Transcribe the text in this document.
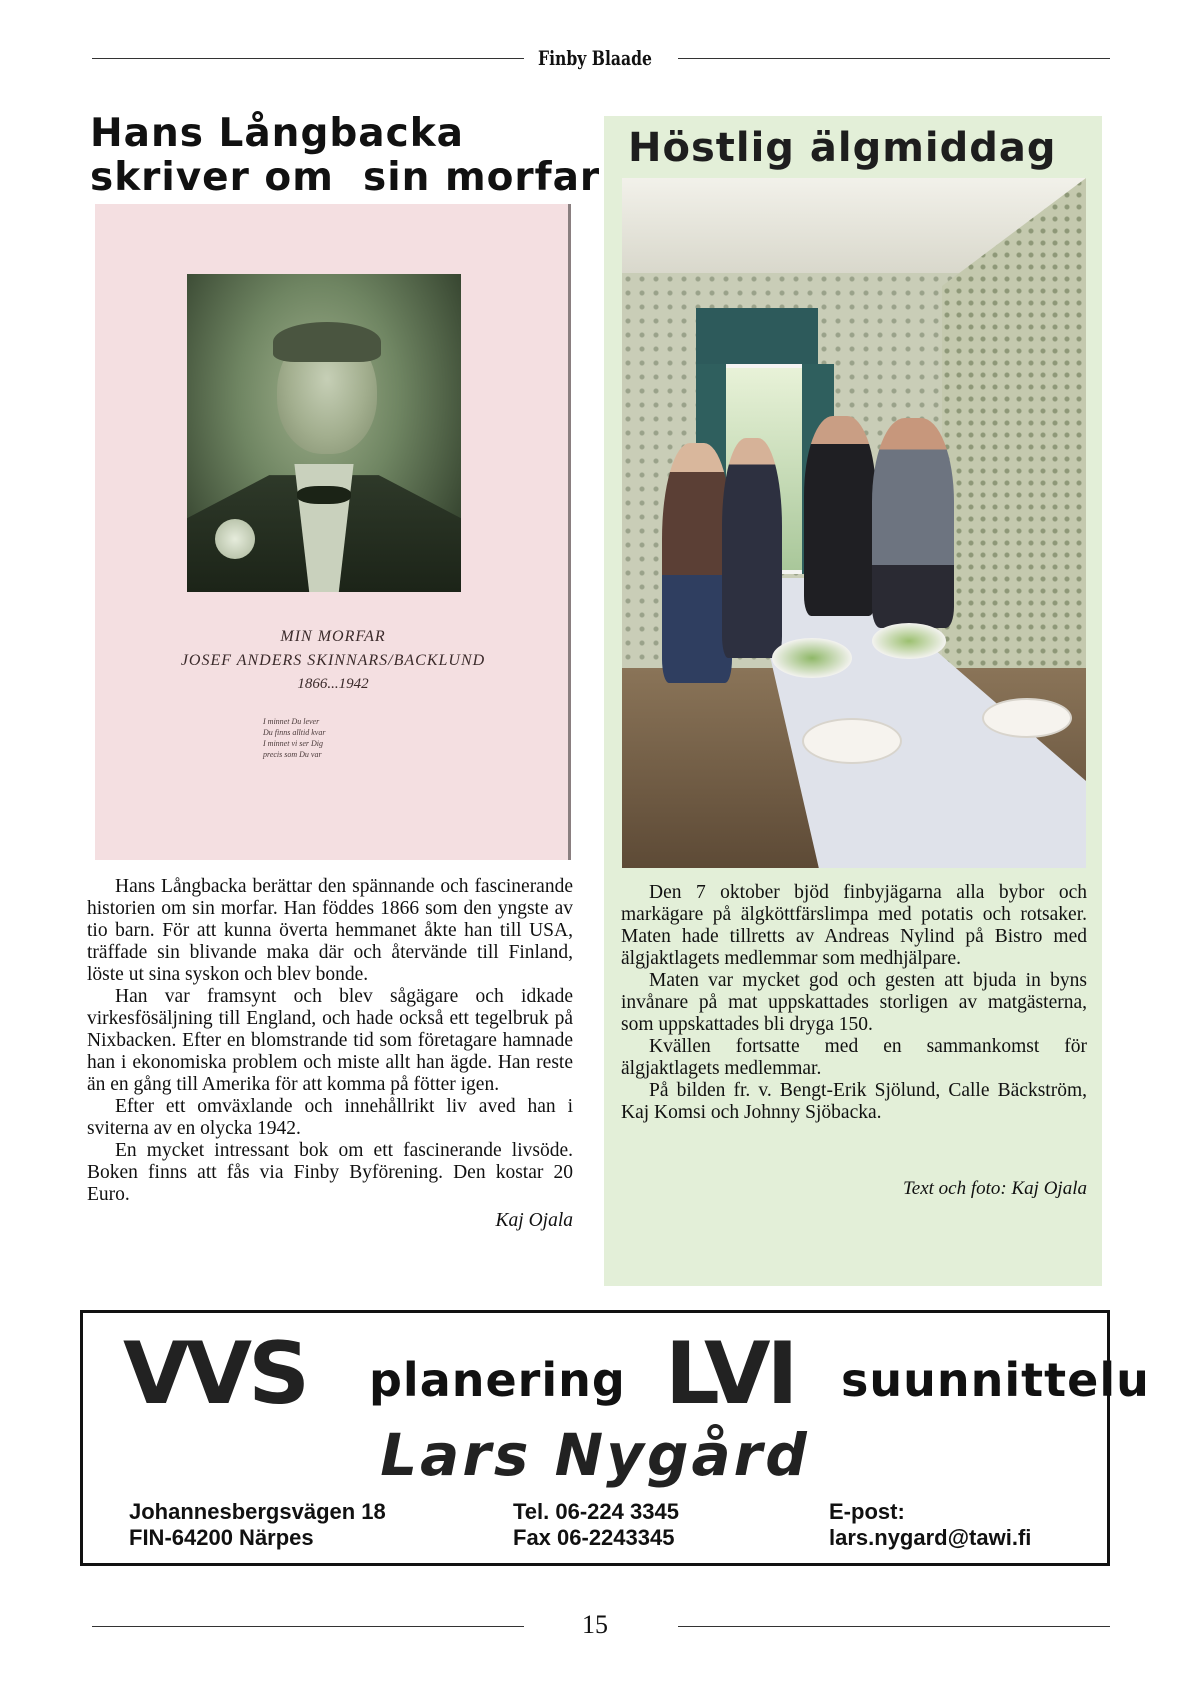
Finby Blaade
Hans Långbacka
skriver om  sin morfar
MIN MORFAR
JOSEF ANDERS SKINNARS/BACKLUND
1866...1942
I minnet Du lever
Du finns alltid kvar
I minnet vi ser Dig
precis som Du var

Hans Långbacka berättar den spännande och fascinerande historien om sin morfar. Han föddes 1866 som den yngste av tio barn. För att kunna överta hemmanet åkte han till USA, träffade sin blivande maka där och återvände till Finland, löste ut sina syskon och blev bonde.

Han var framsynt och blev sågägare och idkade virkesfösäljning till England, och hade också ett tegelbruk på Nixbacken. Efter en blomstrande tid som företagare hamnade han i ekonomiska problem och miste allt han ägde. Han reste än en gång till Amerika för att komma på fötter igen.

Efter ett omväxlande och innehållrikt liv aved han i sviterna av en olycka 1942.

En mycket intressant bok om ett fascinerande livsöde. Boken finns att fås via Finby Byförening. Den kostar 20 Euro.

Kaj Ojala
Höstlig älgmiddag

Den 7 oktober bjöd finbyjägarna alla bybor och markägare på älgköttfärslimpa med potatis och rotsaker. Maten hade tillretts av Andreas Nylind på Bistro med älgjaktlagets medlemmar som medhjälpare.

Maten var mycket god och gesten att bjuda in byns invånare på mat uppskattades storligen av matgästerna, som uppskattades bli dryga 150.

Kvällen fortsatte med en sammankomst för älgjaktlagets medlemmar.

På bilden fr. v. Bengt-Erik Sjölund, Calle Bäckström, Kaj Komsi och Johnny Sjöbacka.

Text och foto: Kaj Ojala
VVS planering LVI suunnittelu
Lars Nygård
Johannesbergsvägen 18
FIN-64200 Närpes
Tel. 06-224 3345
Fax 06-2243345
E-post:
lars.nygard@tawi.fi
15
